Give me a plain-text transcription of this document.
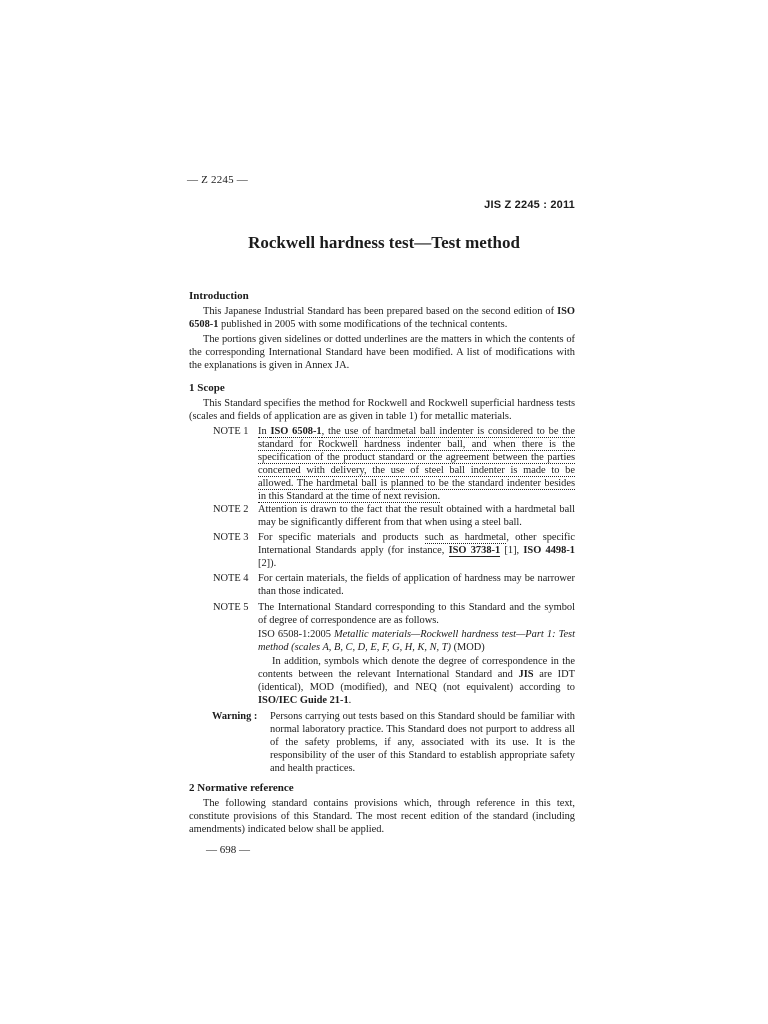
— Z 2245 —
JIS Z 2245 : 2011
Rockwell hardness test—Test method
Introduction
This Japanese Industrial Standard has been prepared based on the second edition of ISO 6508-1 published in 2005 with some modifications of the technical contents.
The portions given sidelines or dotted underlines are the matters in which the contents of the corresponding International Standard have been modified. A list of modifications with the explanations is given in Annex JA.
1 Scope
This Standard specifies the method for Rockwell and Rockwell superficial hardness tests (scales and fields of application are as given in table 1) for metallic materials.
NOTE 1 In ISO 6508-1, the use of hardmetal ball indenter is considered to be the standard for Rockwell hardness indenter ball, and when there is the specification of the product standard or the agreement between the parties concerned with delivery, the use of steel ball indenter is made to be allowed. The hardmetal ball is planned to be the standard indenter besides in this Standard at the time of next revision.
NOTE 2 Attention is drawn to the fact that the result obtained with a hardmetal ball may be significantly different from that when using a steel ball.
NOTE 3 For specific materials and products such as hardmetal, other specific International Standards apply (for instance, ISO 3738-1 [1], ISO 4498-1 [2]).
NOTE 4 For certain materials, the fields of application of hardness may be narrower than those indicated.
NOTE 5 The International Standard corresponding to this Standard and the symbol of degree of correspondence are as follows.
ISO 6508-1:2005 Metallic materials—Rockwell hardness test—Part 1: Test method (scales A, B, C, D, E, F, G, H, K, N, T) (MOD)
In addition, symbols which denote the degree of correspondence in the contents between the relevant International Standard and JIS are IDT (identical), MOD (modified), and NEQ (not equivalent) according to ISO/IEC Guide 21-1.
Warning : Persons carrying out tests based on this Standard should be familiar with normal laboratory practice. This Standard does not purport to address all of the safety problems, if any, associated with its use. It is the responsibility of the user of this Standard to establish appropriate safety and health practices.
2 Normative reference
The following standard contains provisions which, through reference in this text, constitute provisions of this Standard. The most recent edition of the standard (including amendments) indicated below shall be applied.
— 698 —
